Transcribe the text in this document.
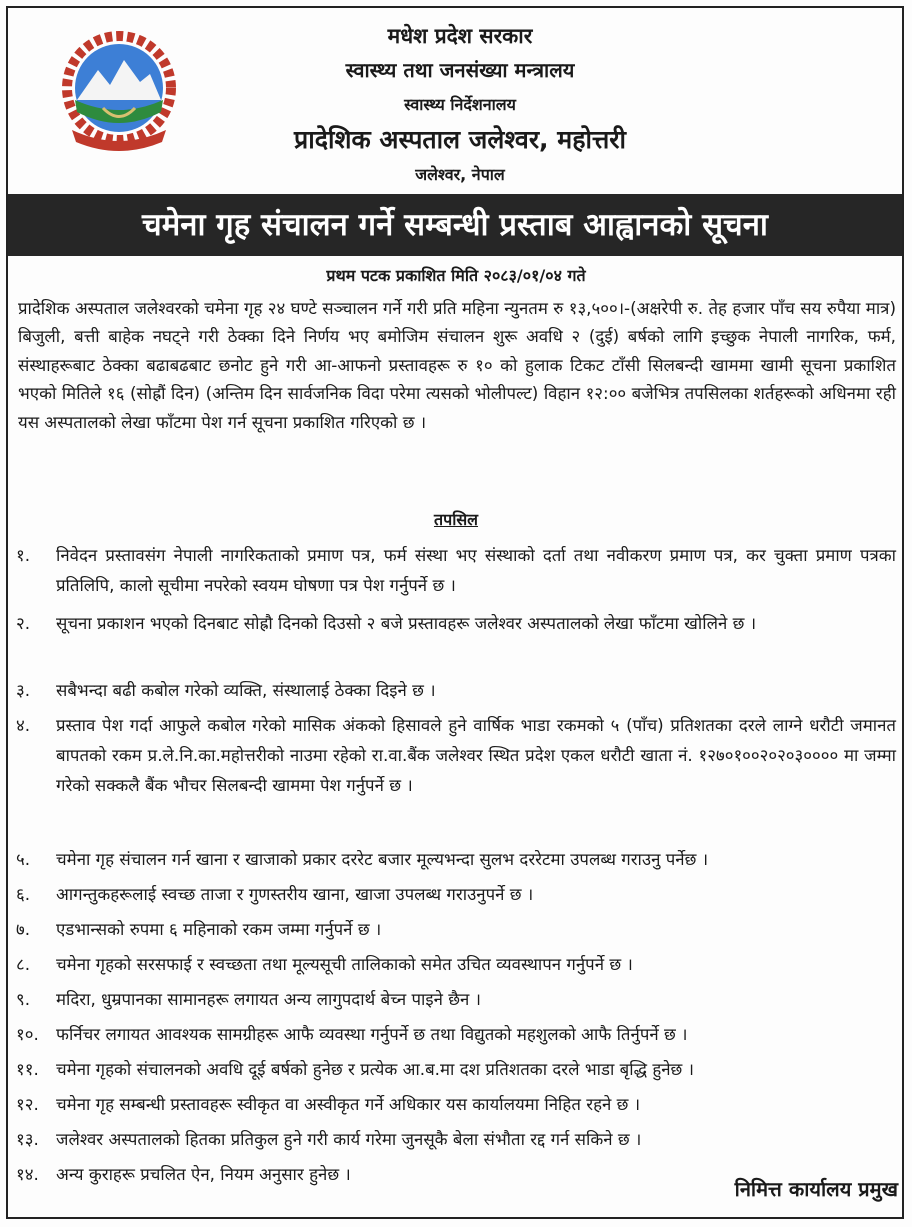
मधेश प्रदेश सरकार
स्वास्थ्य तथा जनसंख्या मन्त्रालय
स्वास्थ्य निर्देशनालय
प्रादेशिक अस्पताल जलेश्वर, महोत्तरी
जलेश्वर, नेपाल
चमेना गृह संचालन गर्ने सम्बन्धी प्रस्ताब आह्वानको सूचना
प्रथम पटक प्रकाशित मिति २०८३/०१/०४ गते
प्रादेशिक अस्पताल जलेश्वरको चमेना गृह २४ घण्टे सञ्चालन गर्ने गरी प्रति महिना न्युनतम रु १३,५००।-(अक्षरेपी रु. तेह हजार पाँच सय रुपैया मात्र) बिजुली, बत्ती बाहेक नघट्ने गरी ठेक्का दिने निर्णय भए बमोजिम संचालन शुरू अवधि २ (दुई) बर्षको लागि इच्छुक नेपाली नागरिक, फर्म, संस्थाहरूबाट ठेक्का बढाबढबाट छनोट हुने गरी आ-आफनो प्रस्तावहरू रु १० को हुलाक टिकट टाँसी सिलबन्दी खाममा खामी सूचना प्रकाशित भएको मितिले १६ (सोह्रौं दिन) (अन्तिम दिन सार्वजनिक विदा परेमा त्यसको भोलीपल्ट) विहान १२:०० बजेभित्र तपसिलका शर्तहरूको अधिनमा रही यस अस्पतालको लेखा फाँटमा पेश गर्न सूचना प्रकाशित गरिएको छ ।
तपसिल
१.	निवेदन प्रस्तावसंग नेपाली नागरिकताको प्रमाण पत्र, फर्म संस्था भए संस्थाको दर्ता तथा नवीकरण प्रमाण पत्र, कर चुक्ता प्रमाण पत्रका प्रतिलिपि, कालो सूचीमा नपरेको स्वयम घोषणा पत्र पेश गर्नुपर्ने छ ।
२.	सूचना प्रकाशन भएको दिनबाट सोह्रौ दिनको दिउसो २ बजे प्रस्तावहरू जलेश्वर अस्पतालको लेखा फाँटमा खोलिने छ ।
३.	सबैभन्दा बढी कबोल गरेको व्यक्ति, संस्थालाई ठेक्का दिइने छ ।
४.	प्रस्ताव पेश गर्दा आफुले कबोल गरेको मासिक अंकको हिसावले हुने वार्षिक भाडा रकमको ५ (पाँच) प्रतिशतका दरले लाग्ने धरौटी जमानत बापतको रकम प्र.ले.नि.का.महोत्तरीको नाउमा रहेको रा.वा.बैंक जलेश्वर स्थित प्रदेश एकल धरौटी खाता नं. १२७०१००२०२०३०००० मा जम्मा गरेको सक्कलै बैंक भौचर सिलबन्दी खाममा पेश गर्नुपर्ने छ ।
५.	चमेना गृह संचालन गर्न खाना र खाजाको प्रकार दररेट बजार मूल्यभन्दा सुलभ दररेटमा उपलब्ध गराउनु पर्नेछ ।
६.	आगन्तुकहरूलाई स्वच्छ ताजा र गुणस्तरीय खाना, खाजा उपलब्ध गराउनुपर्ने छ ।
७.	एडभान्सको रुपमा ६ महिनाको रकम जम्मा गर्नुपर्ने छ ।
८.	चमेना गृहको सरसफाई र स्वच्छता तथा मूल्यसूची तालिकाको समेत उचित व्यवस्थापन गर्नुपर्ने छ ।
९.	मदिरा, धुम्रपानका सामानहरू लगायत अन्य लागुपदार्थ बेच्न पाइने छैन ।
१०.	फर्निचर लगायत आवश्यक सामग्रीहरू आफै व्यवस्था गर्नुपर्ने छ तथा विद्युतको महशुलको आफै तिर्नुपर्ने छ ।
११.	चमेना गृहको संचालनको अवधि दूई बर्षको हुनेछ र प्रत्येक आ.ब.मा दश प्रतिशतका दरले भाडा बृद्धि हुनेछ ।
१२.	चमेना गृह सम्बन्धी प्रस्तावहरू स्वीकृत वा अस्वीकृत गर्ने अधिकार यस कार्यालयमा निहित रहने छ ।
१३.	जलेश्वर अस्पतालको हितका प्रतिकुल हुने गरी कार्य गरेमा जुनसूकै बेला संभौता रद्द गर्न सकिने छ ।
१४.	अन्य कुराहरू प्रचलित ऐन, नियम अनुसार हुनेछ ।
निमित्त कार्यालय प्रमुख
